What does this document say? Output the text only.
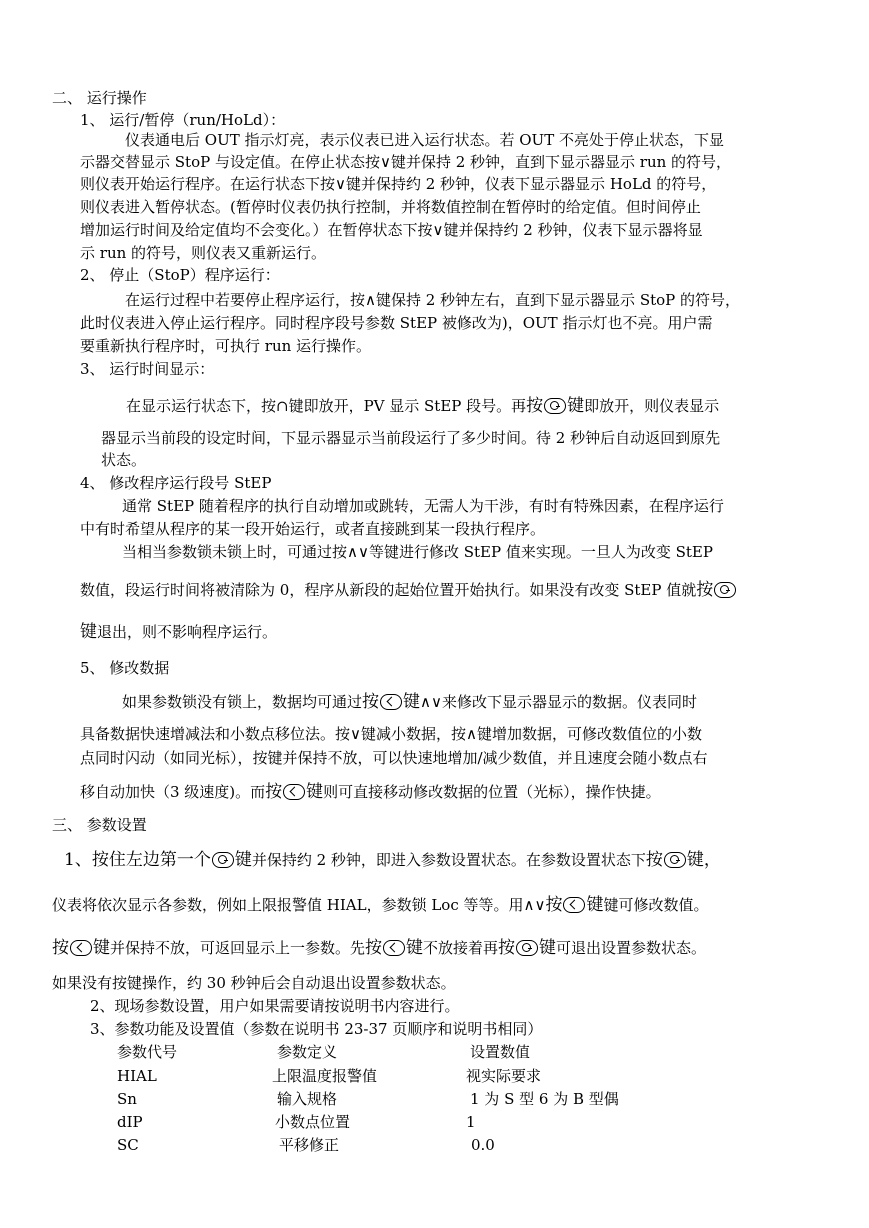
二、 运行操作
1、 运行/暂停（run/HoLd）：
仪表通电后 OUT 指示灯亮，表示仪表已进入运行状态。若 OUT 不亮处于停止状态，下显
示器交替显示 StoP 与设定值。在停止状态按∨键并保持 2 秒钟，直到下显示器显示 run 的符号，
则仪表开始运行程序。在运行状态下按∨键并保持约 2 秒钟，仪表下显示器显示 HoLd 的符号，
则仪表进入暂停状态。(暂停时仪表仍执行控制，并将数值控制在暂停时的给定值。但时间停止
增加运行时间及给定值均不会变化。）在暂停状态下按∨键并保持约 2 秒钟，仪表下显示器将显
示 run 的符号，则仪表又重新运行。
2、 停止（StoP）程序运行：
在运行过程中若要停止程序运行，按∧键保持 2 秒钟左右，直到下显示器显示 StoP 的符号，
此时仪表进入停止运行程序。同时程序段号参数 StEP 被修改为)，OUT 指示灯也不亮。用户需
要重新执行程序时，可执行 run 运行操作。
3、 运行时间显示：
在显示运行状态下，按∩键即放开，PV 显示 StEP 段号。再按 键即放开，则仪表显示
器显示当前段的设定时间，下显示器显示当前段运行了多少时间。待 2 秒钟后自动返回到原先
状态。
4、 修改程序运行段号 StEP
通常 StEP 随着程序的执行自动增加或跳转，无需人为干涉，有时有特殊因素，在程序运行
中有时希望从程序的某一段开始运行，或者直接跳到某一段执行程序。
当相当参数锁未锁上时，可通过按∧∨等键进行修改 StEP 值来实现。一旦人为改变 StEP
数值，段运行时间将被清除为 0，程序从新段的起始位置开始执行。如果没有改变 StEP 值就按
键退出，则不影响程序运行。
5、 修改数据
如果参数锁没有锁上，数据均可通过按 键∧∨来修改下显示器显示的数据。仪表同时
具备数据快速增减法和小数点移位法。按∨键减小数据，按∧键增加数据，可修改数值位的小数
点同时闪动（如同光标），按键并保持不放，可以快速地增加/减少数值，并且速度会随小数点右
移自动加快（3 级速度)。而按 键则可直接移动修改数据的位置（光标），操作快捷。
三、 参数设置
1、按住左边第一个 键并保持约 2 秒钟，即进入参数设置状态。在参数设置状态下按 键，
仪表将依次显示各参数，例如上限报警值 HIAL，参数锁 Loc 等等。用∧∨按 键键可修改数值。
按 键并保持不放，可返回显示上一参数。先按 键不放接着再按 键可退出设置参数状态。
如果没有按键操作，约 30 秒钟后会自动退出设置参数状态。
2、现场参数设置，用户如果需要请按说明书内容进行。
3、参数功能及设置值（参数在说明书 23-37 页顺序和说明书相同）
参数代号	参数定义	设置数值
HIAL	上限温度报警值	视实际要求
Sn	输入规格	1 为 S 型 6 为 B 型偶
dIP	小数点位置	1
SC	平移修正	0.0
